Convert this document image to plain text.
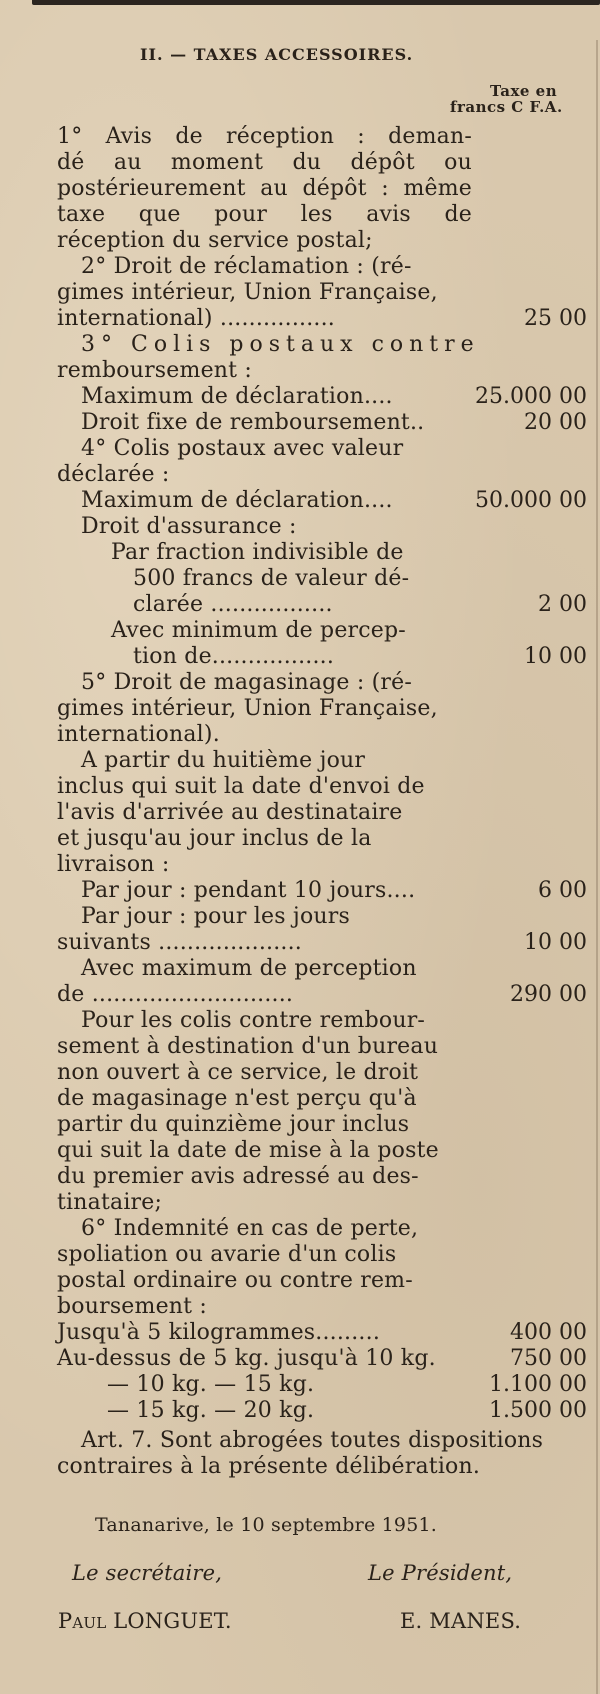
II. — TAXES ACCESSOIRES.
Taxe en
francs C F.A.
1° Avis de réception : deman-
dé au moment du dépôt ou
postérieurement au dépôt : même
taxe que pour les avis de
réception du service postal;
2° Droit de réclamation : (ré-
gimes intérieur, Union Française,
international) ................	25 00
3° Colis postaux contre
remboursement :
Maximum de déclaration....	25.000 00
Droit fixe de remboursement..	20 00
4° Colis postaux avec valeur
déclarée :
Maximum de déclaration....	50.000 00
Droit d'assurance :
Par fraction indivisible de
500 francs de valeur dé-
clarée .................	2 00
Avec minimum de percep-
tion de.................	10 00
5° Droit de magasinage : (ré-
gimes intérieur, Union Française,
international).
A partir du huitième jour
inclus qui suit la date d'envoi de
l'avis d'arrivée au destinataire
et jusqu'au jour inclus de la
livraison :
Par jour : pendant 10 jours....	6 00
Par jour : pour les jours
suivants ....................	10 00
Avec maximum de perception
de ............................	290 00
Pour les colis contre rembour-
sement à destination d'un bureau
non ouvert à ce service, le droit
de magasinage n'est perçu qu'à
partir du quinzième jour inclus
qui suit la date de mise à la poste
du premier avis adressé au des-
tinataire;
6° Indemnité en cas de perte,
spoliation ou avarie d'un colis
postal ordinaire ou contre rem-
boursement :
Jusqu'à 5 kilogrammes.........	400 00
Au-dessus de 5 kg. jusqu'à 10 kg.	750 00
— 10 kg. — 15 kg.	1.100 00
— 15 kg. — 20 kg.	1.500 00
Art. 7. Sont abrogées toutes dispositions
contraires à la présente délibération.
Tananarive, le 10 septembre 1951.
Le secrétaire,	Le Président,
Paul LONGUET.	E. MANES.
